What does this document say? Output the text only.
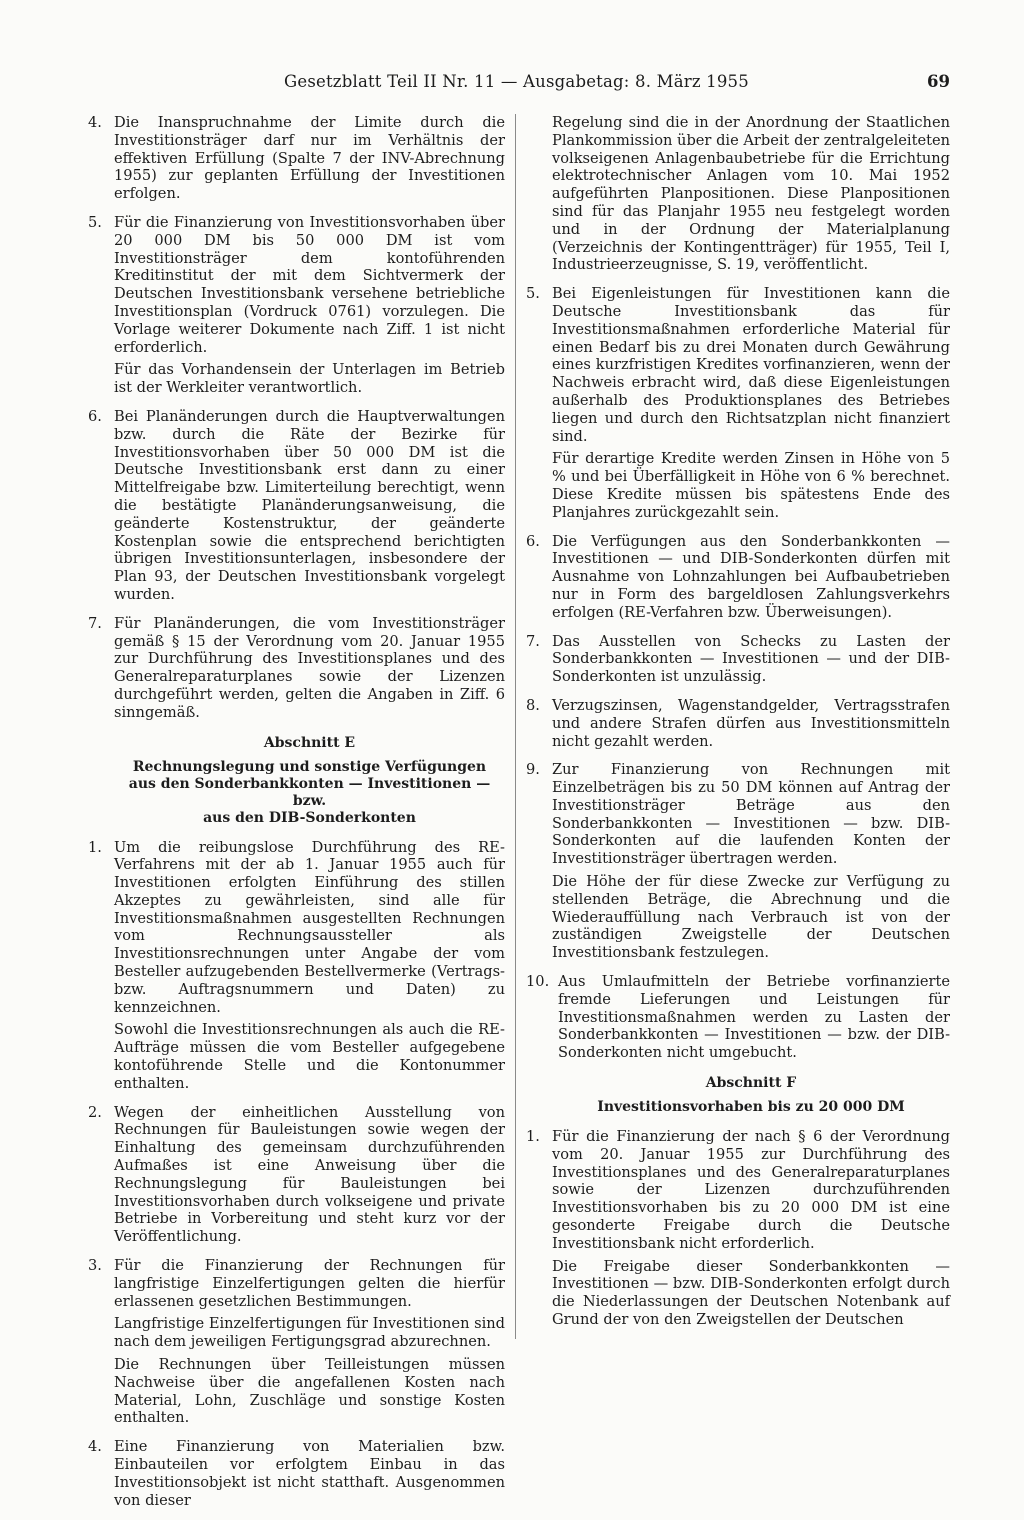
Gesetzblatt Teil II Nr. 11 — Ausgabetag: 8. März 1955	69
4. Die Inanspruchnahme der Limite durch die Investitionsträger darf nur im Verhältnis der effektiven Erfüllung (Spalte 7 der INV-Abrechnung 1955) zur geplanten Erfüllung der Investitionen erfolgen.

5. Für die Finanzierung von Investitionsvorhaben über 20 000 DM bis 50 000 DM ist vom Investitionsträger dem kontoführenden Kreditinstitut der mit dem Sichtvermerk der Deutschen Investitionsbank versehene betriebliche Investitionsplan (Vordruck 0761) vorzulegen. Die Vorlage weiterer Dokumente nach Ziff. 1 ist nicht erforderlich.

Für das Vorhandensein der Unterlagen im Betrieb ist der Werkleiter verantwortlich.

6. Bei Planänderungen durch die Hauptverwaltungen bzw. durch die Räte der Bezirke für Investitionsvorhaben über 50 000 DM ist die Deutsche Investitionsbank erst dann zu einer Mittelfreigabe bzw. Limiterteilung berechtigt, wenn die bestätigte Planänderungsanweisung, die geänderte Kostenstruktur, der geänderte Kostenplan sowie die entsprechend berichtigten übrigen Investitionsunterlagen, insbesondere der Plan 93, der Deutschen Investitionsbank vorgelegt wurden.

7. Für Planänderungen, die vom Investitionsträger gemäß § 15 der Verordnung vom 20. Januar 1955 zur Durchführung des Investitionsplanes und des Generalreparaturplanes sowie der Lizenzen durchgeführt werden, gelten die Angaben in Ziff. 6 sinngemäß.

Abschnitt E
Rechnungslegung und sonstige Verfügungen
aus den Sonderbankkonten — Investitionen — bzw.
aus den DIB-Sonderkonten
1. Um die reibungslose Durchführung des RE-Verfahrens mit der ab 1. Januar 1955 auch für Investitionen erfolgten Einführung des stillen Akzeptes zu gewährleisten, sind alle für Investitionsmaßnahmen ausgestellten Rechnungen vom Rechnungsaussteller als Investitionsrechnungen unter Angabe der vom Besteller aufzugebenden Bestellvermerke (Vertrags- bzw. Auftragsnummern und Daten) zu kennzeichnen.

Sowohl die Investitionsrechnungen als auch die RE-Aufträge müssen die vom Besteller aufgegebene kontoführende Stelle und die Kontonummer enthalten.

2. Wegen der einheitlichen Ausstellung von Rechnungen für Bauleistungen sowie wegen der Einhaltung des gemeinsam durchzuführenden Aufmaßes ist eine Anweisung über die Rechnungslegung für Bauleistungen bei Investitionsvorhaben durch volkseigene und private Betriebe in Vorbereitung und steht kurz vor der Veröffentlichung.

3. Für die Finanzierung der Rechnungen für langfristige Einzelfertigungen gelten die hierfür erlassenen gesetzlichen Bestimmungen.

Langfristige Einzelfertigungen für Investitionen sind nach dem jeweiligen Fertigungsgrad abzurechnen.

Die Rechnungen über Teilleistungen müssen Nachweise über die angefallenen Kosten nach Material, Lohn, Zuschläge und sonstige Kosten enthalten.

4. Eine Finanzierung von Materialien bzw. Einbauteilen vor erfolgtem Einbau in das Investitionsobjekt ist nicht statthaft. Ausgenommen von dieser

Regelung sind die in der Anordnung der Staatlichen Plankommission über die Arbeit der zentralgeleiteten volkseigenen Anlagenbaubetriebe für die Errichtung elektrotechnischer Anlagen vom 10. Mai 1952 aufgeführten Planpositionen. Diese Planpositionen sind für das Planjahr 1955 neu festgelegt worden und in der Ordnung der Materialplanung (Verzeichnis der Kontingentträger) für 1955, Teil I, Industrieerzeugnisse, S. 19, veröffentlicht.

5. Bei Eigenleistungen für Investitionen kann die Deutsche Investitionsbank das für Investitionsmaßnahmen erforderliche Material für einen Bedarf bis zu drei Monaten durch Gewährung eines kurzfristigen Kredites vorfinanzieren, wenn der Nachweis erbracht wird, daß diese Eigenleistungen außerhalb des Produktionsplanes des Betriebes liegen und durch den Richtsatzplan nicht finanziert sind.

Für derartige Kredite werden Zinsen in Höhe von 5 % und bei Überfälligkeit in Höhe von 6 % berechnet. Diese Kredite müssen bis spätestens Ende des Planjahres zurückgezahlt sein.

6. Die Verfügungen aus den Sonderbankkonten — Investitionen — und DIB-Sonderkonten dürfen mit Ausnahme von Lohnzahlungen bei Aufbaubetrieben nur in Form des bargeldlosen Zahlungsverkehrs erfolgen (RE-Verfahren bzw. Überweisungen).

7. Das Ausstellen von Schecks zu Lasten der Sonderbankkonten — Investitionen — und der DIB-Sonderkonten ist unzulässig.

8. Verzugszinsen, Wagenstandgelder, Vertragsstrafen und andere Strafen dürfen aus Investitionsmitteln nicht gezahlt werden.

9. Zur Finanzierung von Rechnungen mit Einzelbeträgen bis zu 50 DM können auf Antrag der Investitionsträger Beträge aus den Sonderbankkonten — Investitionen — bzw. DIB-Sonderkonten auf die laufenden Konten der Investitionsträger übertragen werden.

Die Höhe der für diese Zwecke zur Verfügung zu stellenden Beträge, die Abrechnung und die Wiederauffüllung nach Verbrauch ist von der zuständigen Zweigstelle der Deutschen Investitionsbank festzulegen.

10. Aus Umlaufmitteln der Betriebe vorfinanzierte fremde Lieferungen und Leistungen für Investitionsmaßnahmen werden zu Lasten der Sonderbankkonten — Investitionen — bzw. der DIB-Sonderkonten nicht umgebucht.

Abschnitt F
Investitionsvorhaben bis zu 20 000 DM
1. Für die Finanzierung der nach § 6 der Verordnung vom 20. Januar 1955 zur Durchführung des Investitionsplanes und des Generalreparaturplanes sowie der Lizenzen durchzuführenden Investitionsvorhaben bis zu 20 000 DM ist eine gesonderte Freigabe durch die Deutsche Investitionsbank nicht erforderlich.

Die Freigabe dieser Sonderbankkonten — Investitionen — bzw. DIB-Sonderkonten erfolgt durch die Niederlassungen der Deutschen Notenbank auf Grund der von den Zweigstellen der Deutschen
